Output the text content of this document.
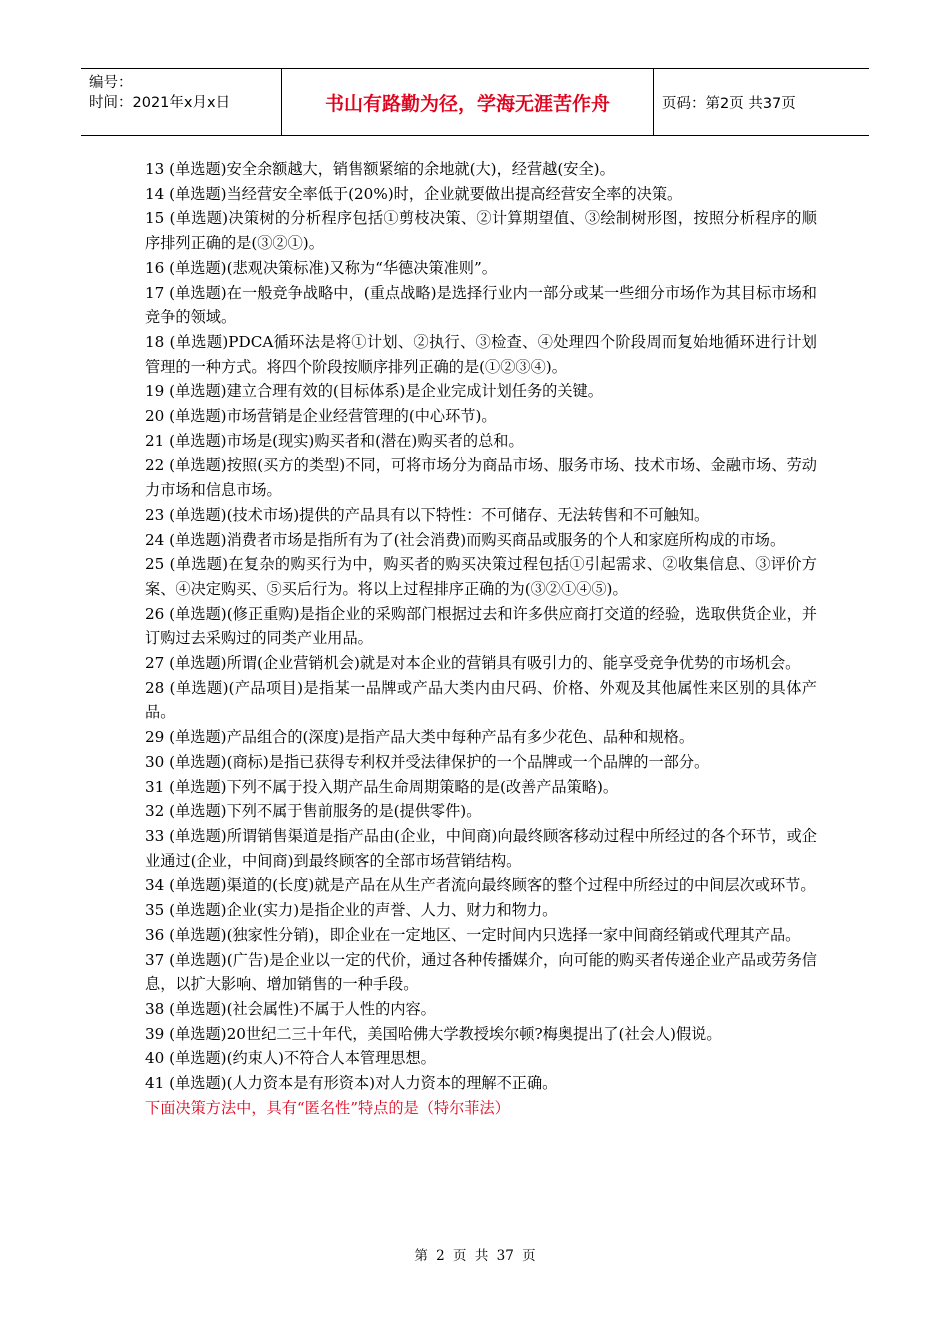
编号：
时间：2021年x月x日	书山有路勤为径，学海无涯苦作舟	页码：第2页 共37页

13 (单选题)安全余额越大，销售额紧缩的余地就(大)，经营越(安全)。

14 (单选题)当经营安全率低于(20%)时，企业就要做出提高经营安全率的决策。

15 (单选题)决策树的分析程序包括①剪枝决策、②计算期望值、③绘制树形图，按照分析程序的顺序排列正确的是(③②①)。

16 (单选题)(悲观决策标准)又称为“华德决策准则”。

17 (单选题)在一般竞争战略中，(重点战略)是选择行业内一部分或某一些细分市场作为其目标市场和竞争的领域。

18 (单选题)PDCA循环法是将①计划、②执行、③检查、④处理四个阶段周而复始地循环进行计划管理的一种方式。将四个阶段按顺序排列正确的是(①②③④)。

19 (单选题)建立合理有效的(目标体系)是企业完成计划任务的关键。

20 (单选题)市场营销是企业经营管理的(中心环节)。

21 (单选题)市场是(现实)购买者和(潜在)购买者的总和。

22 (单选题)按照(买方的类型)不同，可将市场分为商品市场、服务市场、技术市场、金融市场、劳动力市场和信息市场。

23 (单选题)(技术市场)提供的产品具有以下特性：不可储存、无法转售和不可触知。

24 (单选题)消费者市场是指所有为了(社会消费)而购买商品或服务的个人和家庭所构成的市场。

25 (单选题)在复杂的购买行为中，购买者的购买决策过程包括①引起需求、②收集信息、③评价方案、④决定购买、⑤买后行为。将以上过程排序正确的为(③②①④⑤)。

26 (单选题)(修正重购)是指企业的采购部门根据过去和许多供应商打交道的经验，选取供货企业，并订购过去采购过的同类产业用品。

27 (单选题)所谓(企业营销机会)就是对本企业的营销具有吸引力的、能享受竞争优势的市场机会。

28 (单选题)(产品项目)是指某一品牌或产品大类内由尺码、价格、外观及其他属性来区别的具体产品。

29 (单选题)产品组合的(深度)是指产品大类中每种产品有多少花色、品种和规格。

30 (单选题)(商标)是指已获得专利权并受法律保护的一个品牌或一个品牌的一部分。

31 (单选题)下列不属于投入期产品生命周期策略的是(改善产品策略)。

32 (单选题)下列不属于售前服务的是(提供零件)。

33 (单选题)所谓销售渠道是指产品由(企业，中间商)向最终顾客移动过程中所经过的各个环节，或企业通过(企业，中间商)到最终顾客的全部市场营销结构。

34 (单选题)渠道的(长度)就是产品在从生产者流向最终顾客的整个过程中所经过的中间层次或环节。

35 (单选题)企业(实力)是指企业的声誉、人力、财力和物力。

36 (单选题)(独家性分销)，即企业在一定地区、一定时间内只选择一家中间商经销或代理其产品。

37 (单选题)(广告)是企业以一定的代价，通过各种传播媒介，向可能的购买者传递企业产品或劳务信息，以扩大影响、增加销售的一种手段。

38 (单选题)(社会属性)不属于人性的内容。

39 (单选题)20世纪二三十年代，美国哈佛大学教授埃尔顿?梅奥提出了(社会人)假说。

40 (单选题)(约束人)不符合人本管理思想。

41 (单选题)(人力资本是有形资本)对人力资本的理解不正确。

下面决策方法中，具有“匿名性”特点的是（特尔菲法）

第 2 页 共 37 页
